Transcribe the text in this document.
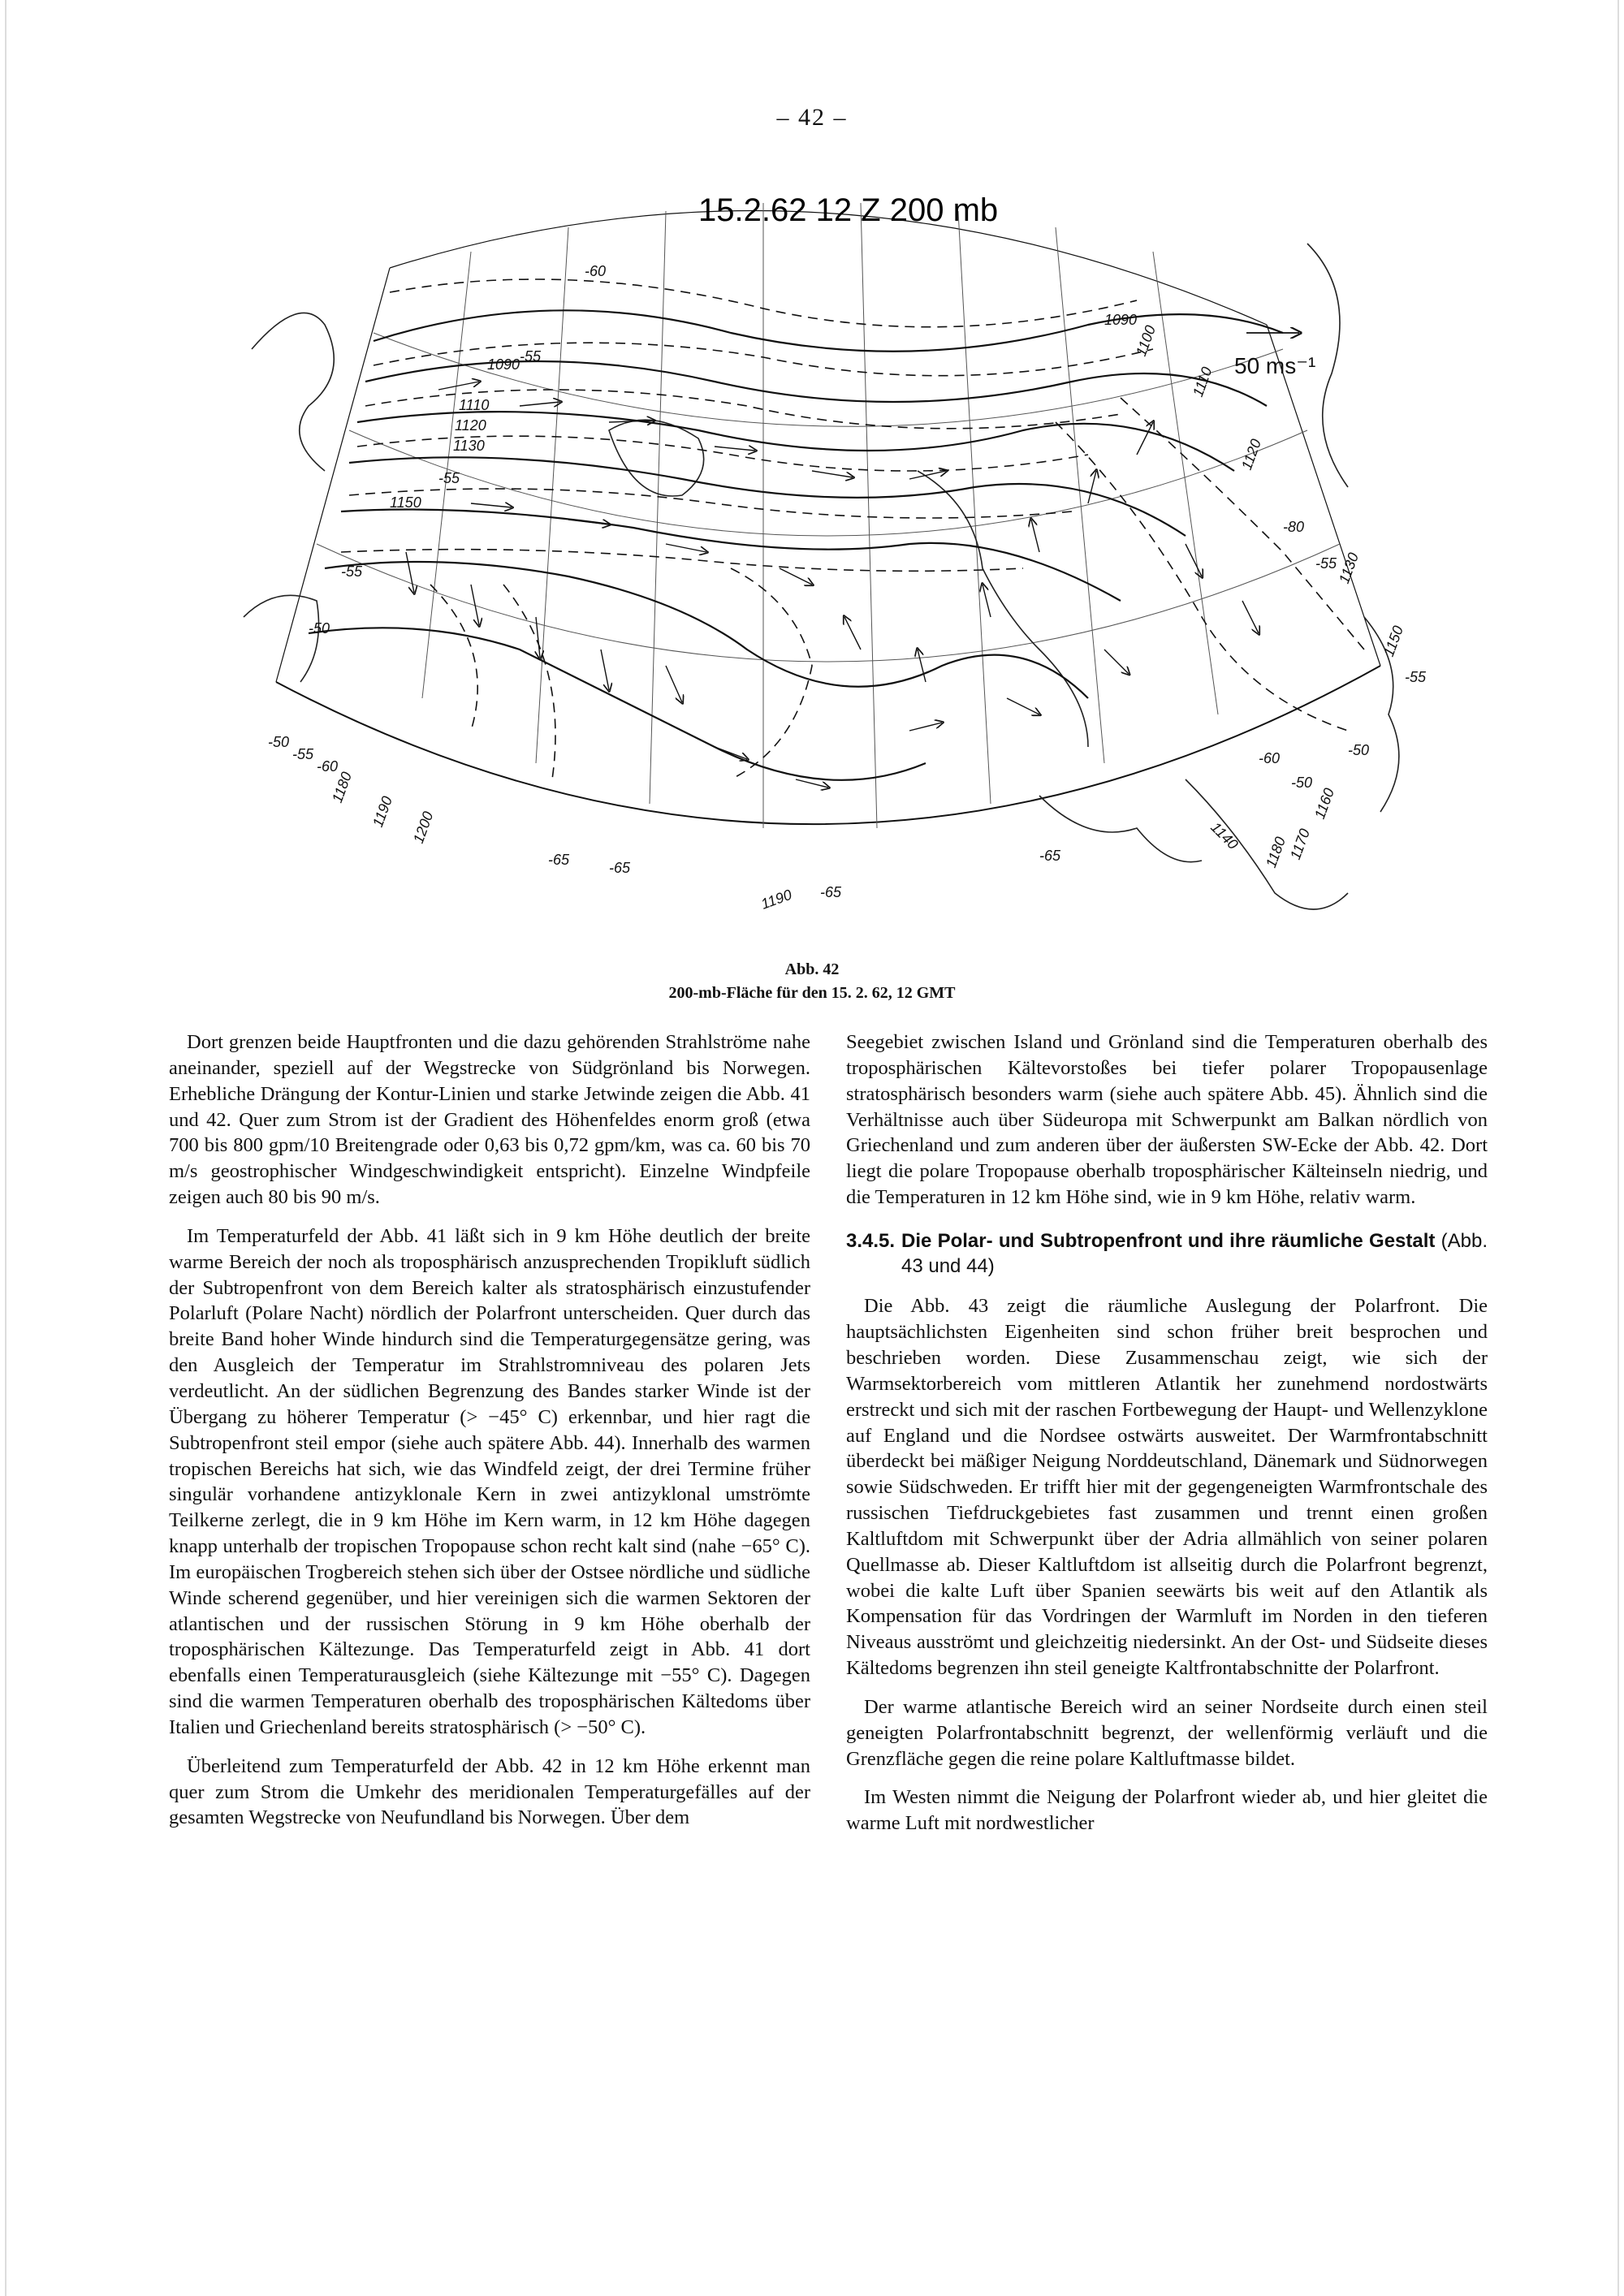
– 42 –
50 ms⁻¹
15.2.62 12 Z 200 mb
1090
1090
1100
1110
1110
1120
1120
1130
1130
1150
1150
1160
1170
1180
1180
1190
1190 1200	1140
-60
-55
-55
-55
-50
-50
-55
-60
-65	-65
-65
-65
-60
-55
-55
-50
-50
-80
Abb. 42
200-mb-Fläche für den 15. 2. 62, 12 GMT

Dort grenzen beide Hauptfronten und die dazu gehörenden Strahlströme nahe aneinander, speziell auf der Wegstrecke von Südgrönland bis Norwegen. Erhebliche Drängung der Kontur-Linien und starke Jetwinde zeigen die Abb. 41 und 42. Quer zum Strom ist der Gradient des Höhenfeldes enorm groß (etwa 700 bis 800 gpm/10 Breitengrade oder 0,63 bis 0,72 gpm/km, was ca. 60 bis 70 m/s geostrophischer Windgeschwindigkeit entspricht). Einzelne Windpfeile zeigen auch 80 bis 90 m/s.

Im Temperaturfeld der Abb. 41 läßt sich in 9 km Höhe deutlich der breite warme Bereich der noch als troposphärisch anzusprechenden Tropikluft südlich der Subtropenfront von dem Bereich kalter als stratosphärisch einzustufender Polarluft (Polare Nacht) nördlich der Polarfront unterscheiden. Quer durch das breite Band hoher Winde hindurch sind die Temperaturgegensätze gering, was den Ausgleich der Temperatur im Strahlstromniveau des polaren Jets verdeutlicht. An der südlichen Begrenzung des Bandes starker Winde ist der Übergang zu höherer Temperatur (> −45° C) erkennbar, und hier ragt die Subtropenfront steil empor (siehe auch spätere Abb. 44). Innerhalb des warmen tropischen Bereichs hat sich, wie das Windfeld zeigt, der drei Termine früher singulär vorhandene antizyklonale Kern in zwei antizyklonal umströmte Teilkerne zerlegt, die in 9 km Höhe im Kern warm, in 12 km Höhe dagegen knapp unterhalb der tropischen Tropopause schon recht kalt sind (nahe −65° C). Im europäischen Trogbereich stehen sich über der Ostsee nördliche und südliche Winde scherend gegenüber, und hier vereinigen sich die warmen Sektoren der atlantischen und der russischen Störung in 9 km Höhe oberhalb der troposphärischen Kältezunge. Das Temperaturfeld zeigt in Abb. 41 dort ebenfalls einen Temperaturausgleich (siehe Kältezunge mit −55° C). Dagegen sind die warmen Temperaturen oberhalb des troposphärischen Kältedoms über Italien und Griechenland bereits stratosphärisch (> −50° C).

Überleitend zum Temperaturfeld der Abb. 42 in 12 km Höhe erkennt man quer zum Strom die Umkehr des meridionalen Temperaturgefälles auf der gesamten Wegstrecke von Neufundland bis Norwegen. Über dem

Seegebiet zwischen Island und Grönland sind die Temperaturen oberhalb des troposphärischen Kältevorstoßes bei tiefer polarer Tropopausenlage stratosphärisch besonders warm (siehe auch spätere Abb. 45). Ähnlich sind die Verhältnisse auch über Südeuropa mit Schwerpunkt am Balkan nördlich von Griechenland und zum anderen über der äußersten SW-Ecke der Abb. 42. Dort liegt die polare Tropopause oberhalb troposphärischer Kälteinseln niedrig, und die Temperaturen in 12 km Höhe sind, wie in 9 km Höhe, relativ warm.

3.4.5. Die Polar- und Subtropenfront und ihre räumliche Gestalt (Abb. 43 und 44)

Die Abb. 43 zeigt die räumliche Auslegung der Polarfront. Die hauptsächlichsten Eigenheiten sind schon früher breit besprochen und beschrieben worden. Diese Zusammenschau zeigt, wie sich der Warmsektorbereich vom mittleren Atlantik her zunehmend nordostwärts erstreckt und sich mit der raschen Fortbewegung der Haupt- und Wellenzyklone auf England und die Nordsee ostwärts ausweitet. Der Warmfrontabschnitt überdeckt bei mäßiger Neigung Norddeutschland, Dänemark und Südnorwegen sowie Südschweden. Er trifft hier mit der gegengeneigten Warmfrontschale des russischen Tiefdruckgebietes fast zusammen und trennt einen großen Kaltluftdom mit Schwerpunkt über der Adria allmählich von seiner polaren Quellmasse ab. Dieser Kaltluftdom ist allseitig durch die Polarfront begrenzt, wobei die kalte Luft über Spanien seewärts bis weit auf den Atlantik als Kompensation für das Vordringen der Warmluft im Norden in den tieferen Niveaus ausströmt und gleichzeitig niedersinkt. An der Ost- und Südseite dieses Kältedoms begrenzen ihn steil geneigte Kaltfrontabschnitte der Polarfront.

Der warme atlantische Bereich wird an seiner Nordseite durch einen steil geneigten Polarfrontabschnitt begrenzt, der wellenförmig verläuft und die Grenzfläche gegen die reine polare Kaltluftmasse bildet.

Im Westen nimmt die Neigung der Polarfront wieder ab, und hier gleitet die warme Luft mit nordwestlicher
